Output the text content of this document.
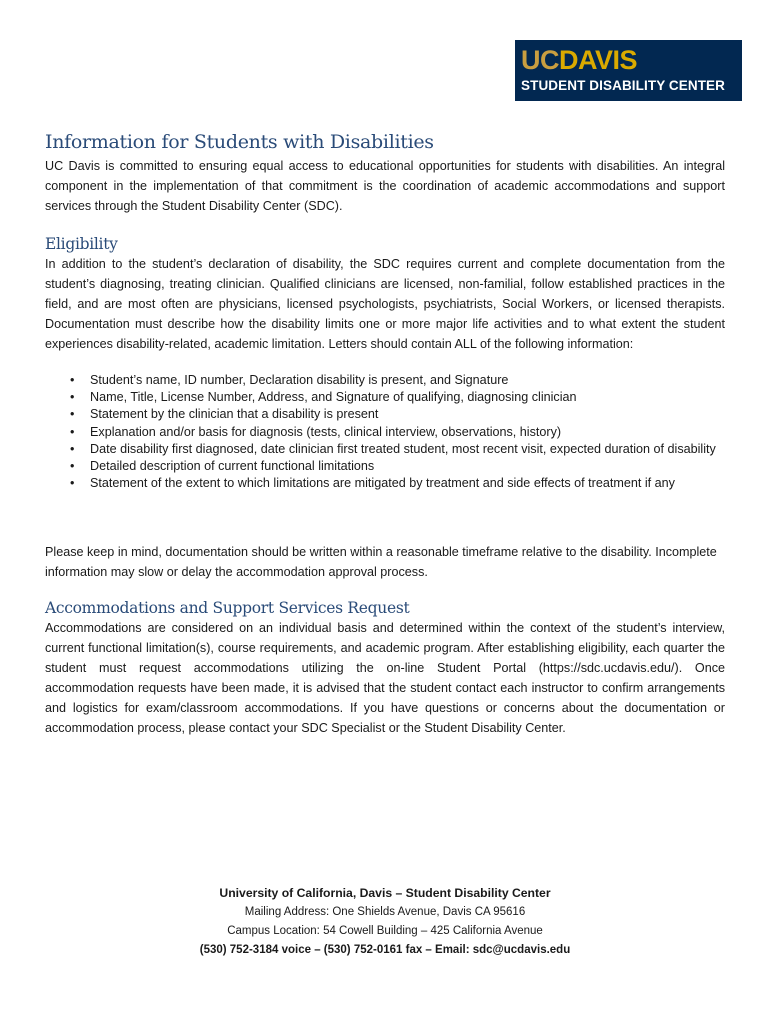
UCDAVIS
STUDENT DISABILITY CENTER
Information for Students with Disabilities

UC Davis is committed to ensuring equal access to educational opportunities for students with disabilities. An integral component in the implementation of that commitment is the coordination of academic accommodations and support services through the Student Disability Center (SDC).

Eligibility

In addition to the student’s declaration of disability, the SDC requires current and complete documentation from the student’s diagnosing, treating clinician. Qualified clinicians are licensed, non-familial, follow established practices in the field, and are most often are physicians, licensed psychologists, psychiatrists, Social Workers, or licensed therapists. Documentation must describe how the disability limits one or more major life activities and to what extent the student experiences disability-related, academic limitation. Letters should contain ALL of the following information:

• Student’s name, ID number, Declaration disability is present, and Signature
• Name, Title, License Number, Address, and Signature of qualifying, diagnosing clinician
• Statement by the clinician that a disability is present
• Explanation and/or basis for diagnosis (tests, clinical interview, observations, history)
• Date disability first diagnosed, date clinician first treated student, most recent visit, expected duration of disability
• Detailed description of current functional limitations
• Statement of the extent to which limitations are mitigated by treatment and side effects of treatment if any

Please keep in mind, documentation should be written within a reasonable timeframe relative to the disability. Incomplete information may slow or delay the accommodation approval process.

Accommodations and Support Services Request

Accommodations are considered on an individual basis and determined within the context of the student’s interview, current functional limitation(s), course requirements, and academic program. After establishing eligibility, each quarter the student must request accommodations utilizing the on-line Student Portal (https://sdc.ucdavis.edu/). Once accommodation requests have been made, it is advised that the student contact each instructor to confirm arrangements and logistics for exam/classroom accommodations. If you have questions or concerns about the documentation or accommodation process, please contact your SDC Specialist or the Student Disability Center.

University of California, Davis – Student Disability Center
Mailing Address: One Shields Avenue, Davis CA 95616
Campus Location: 54 Cowell Building – 425 California Avenue
(530) 752-3184 voice – (530) 752-0161 fax – Email: sdc@ucdavis.edu
